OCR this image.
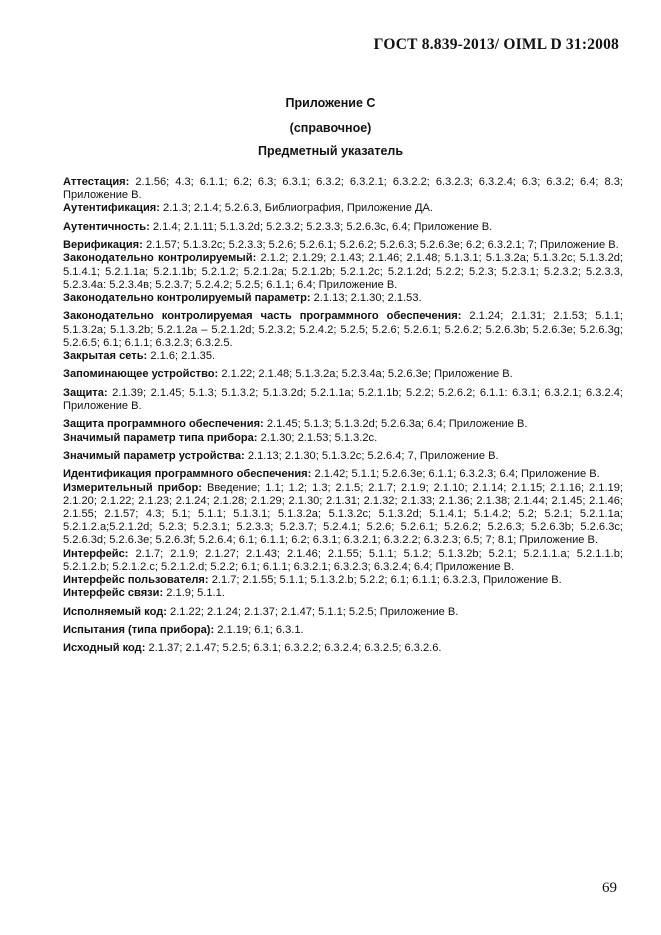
ГОСТ 8.839-2013/ OIML D 31:2008
Приложение С
(справочное)
Предметный указатель
Аттестация: 2.1.56; 4.3; 6.1.1; 6.2; 6.3; 6.3.1; 6.3.2; 6.3.2.1; 6.3.2.2; 6.3.2.3; 6.3.2.4; 6.3; 6.3.2; 6.4; 8.3; Приложение В.
Аутентификация: 2.1.3; 2.1.4; 5.2.6.3, Библиография, Приложение ДА.
Аутентичность: 2.1.4; 2.1.11; 5.1.3.2d; 5.2.3.2; 5.2.3.3; 5.2.6.3c, 6.4; Приложение В.
Верификация: 2.1.57; 5.1.3.2c; 5.2.3.3; 5.2.6; 5.2.6.1; 5.2.6.2; 5.2.6.3; 5.2.6.3e; 6.2; 6.3.2.1; 7; Приложение В.
Законодательно контролируемый: 2.1.2; 2.1.29; 2.1.43; 2.1.46; 2.1.48; 5.1.3.1; 5.1.3.2a; 5.1.3.2c; 5.1.3.2d; 5.1.4.1; 5.2.1.1a; 5.2.1.1b; 5.2.1.2; 5.2.1.2a; 5.2.1.2b; 5.2.1.2c; 5.2.1.2d; 5.2.2; 5.2.3; 5.2.3.1; 5.2.3.2; 5.2.3.3, 5.2.3.4a: 5.2.3.4в; 5.2.3.7; 5.2.4.2; 5.2.5; 6.1.1; 6.4; Приложение В.
Законодательно контролируемый параметр: 2.1.13; 2.1.30; 2.1.53.
Законодательно контролируемая часть программного обеспечения: 2.1.24; 2.1.31; 2.1.53; 5.1.1; 5.1.3.2a; 5.1.3.2b; 5.2.1.2a – 5.2.1.2d; 5.2.3.2; 5.2.4.2; 5.2.5; 5.2.6; 5.2.6.1; 5.2.6.2; 5.2.6.3b; 5.2.6.3e; 5.2.6.3g; 5.2.6.5; 6.1; 6.1.1; 6.3.2.3; 6.3.2.5.
Закрытая сеть: 2.1.6; 2.1.35.
Запоминающее устройство: 2.1.22; 2.1.48; 5.1.3.2a; 5.2.3.4a; 5.2.6.3e; Приложение В.
Защита: 2.1.39; 2.1.45; 5.1.3; 5.1.3.2; 5.1.3.2d; 5.2.1.1a; 5.2.1.1b; 5.2.2; 5.2.6.2; 6.1.1: 6.3.1; 6.3.2.1; 6.3.2.4; Приложение В.
Защита программного обеспечения: 2.1.45; 5.1.3; 5.1.3.2d; 5.2.6.3a; 6.4; Приложение В.
Значимый параметр типа прибора: 2.1.30; 2.1.53; 5.1.3.2c.
Значимый параметр устройства: 2.1.13; 2.1.30; 5.1.3.2c; 5.2.6.4; 7, Приложение В.
Идентификация программного обеспечения: 2.1.42; 5.1.1; 5.2.6.3e; 6.1.1; 6.3.2.3; 6.4; Приложение В.
Измерительный прибор: Введение; 1.1; 1.2; 1.3; 2.1.5; 2.1.7; 2.1.9; 2.1.10; 2.1.14; 2.1.15; 2.1.16; 2.1.19; 2.1.20; 2.1.22; 2.1.23; 2.1.24; 2.1.28; 2.1.29; 2.1.30; 2.1.31; 2.1.32; 2.1.33; 2.1.36; 2.1.38; 2.1.44; 2.1.45; 2.1.46; 2.1.55; 2.1.57; 4.3; 5.1; 5.1.1; 5.1.3.1; 5.1.3.2a; 5.1.3.2c; 5.1.3.2d; 5.1.4.1; 5.1.4.2; 5.2; 5.2.1; 5.2.1.1a; 5.2.1.2.a;5.2.1.2d; 5.2.3; 5.2.3.1; 5.2.3.3; 5.2.3.7; 5.2.4.1; 5.2.6; 5.2.6.1; 5.2.6.2; 5.2.6.3; 5.2.6.3b; 5.2.6.3c; 5.2.6.3d; 5.2.6.3e; 5.2.6.3f; 5.2.6.4; 6.1; 6.1.1; 6.2; 6.3.1; 6.3.2.1; 6.3.2.2; 6.3.2.3; 6.5; 7; 8.1; Приложение В.
Интерфейс: 2.1.7; 2.1.9; 2.1.27; 2.1.43; 2.1.46; 2.1.55; 5.1.1; 5.1.2; 5.1.3.2b; 5.2.1; 5.2.1.1.a; 5.2.1.1.b; 5.2.1.2.b; 5.2.1.2.c; 5.2.1.2.d; 5.2.2; 6.1; 6.1.1; 6.3.2.1; 6.3.2.3; 6.3.2.4; 6.4; Приложение В.
Интерфейс пользователя: 2.1.7; 2.1.55; 5.1.1; 5.1.3.2.b; 5.2.2; 6.1; 6.1.1; 6.3.2.3, Приложение В.
Интерфейс связи: 2.1.9; 5.1.1.
Исполняемый код: 2.1.22; 2.1.24; 2.1.37; 2.1.47; 5.1.1; 5.2.5; Приложение В.
Испытания (типа прибора): 2.1.19; 6.1; 6.3.1.
Исходный код: 2.1.37; 2.1.47; 5.2.5; 6.3.1; 6.3.2.2; 6.3.2.4; 6.3.2.5; 6.3.2.6.
69
